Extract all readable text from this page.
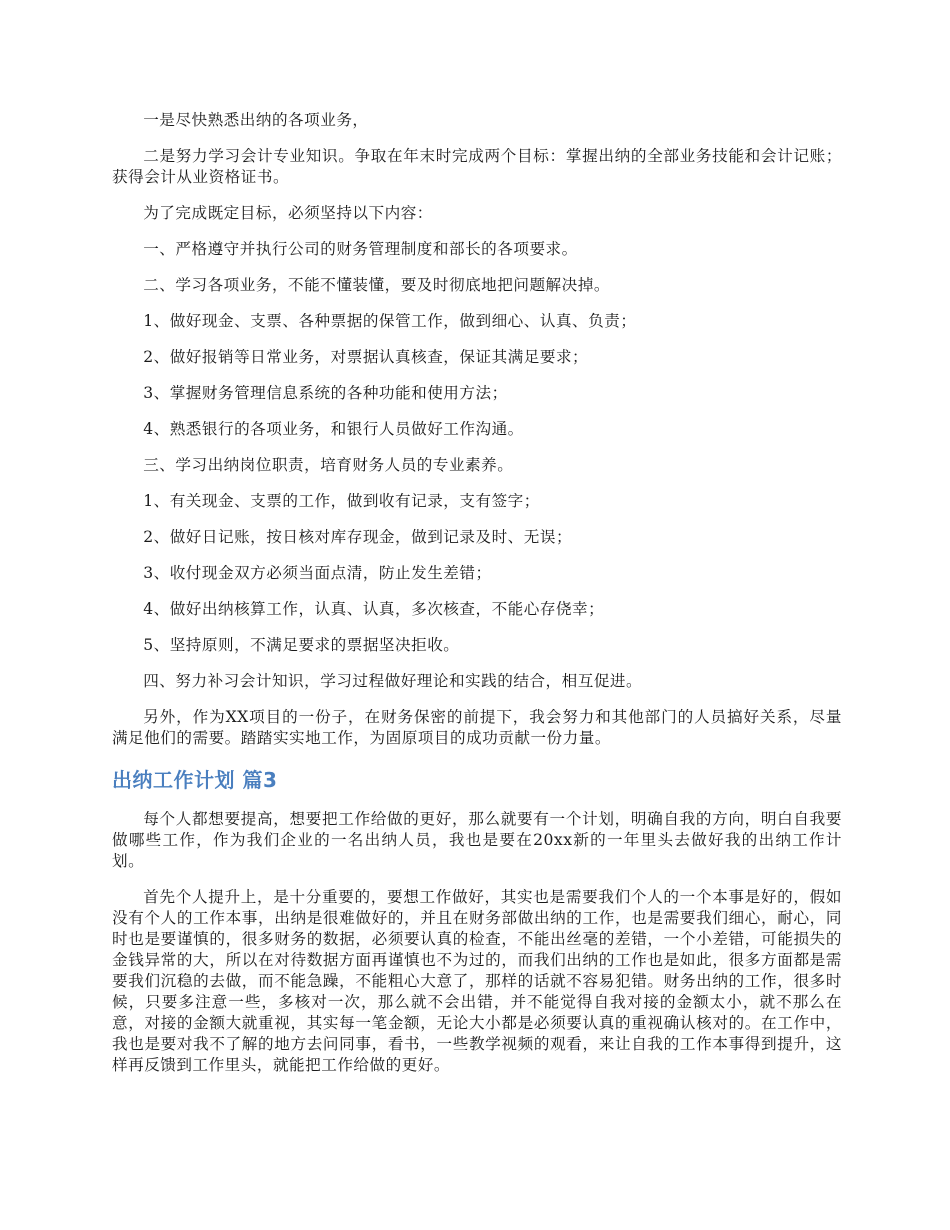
一是尽快熟悉出纳的各项业务，

二是努力学习会计专业知识。争取在年末时完成两个目标：掌握出纳的全部业务技能和会计记账；获得会计从业资格证书。

为了完成既定目标，必须坚持以下内容：

一、严格遵守并执行公司的财务管理制度和部长的各项要求。

二、学习各项业务，不能不懂装懂，要及时彻底地把问题解决掉。

1、做好现金、支票、各种票据的保管工作，做到细心、认真、负责；

2、做好报销等日常业务，对票据认真核查，保证其满足要求；

3、掌握财务管理信息系统的各种功能和使用方法；

4、熟悉银行的各项业务，和银行人员做好工作沟通。

三、学习出纳岗位职责，培育财务人员的专业素养。

1、有关现金、支票的工作，做到收有记录，支有签字；

2、做好日记账，按日核对库存现金，做到记录及时、无误；

3、收付现金双方必须当面点清，防止发生差错；

4、做好出纳核算工作，认真、认真，多次核查，不能心存侥幸；

5、坚持原则，不满足要求的票据坚决拒收。

四、努力补习会计知识，学习过程做好理论和实践的结合，相互促进。

另外，作为XX项目的一份子，在财务保密的前提下，我会努力和其他部门的人员搞好关系，尽量满足他们的需要。踏踏实实地工作，为固原项目的成功贡献一份力量。

出纳工作计划 篇3

每个人都想要提高，想要把工作给做的更好，那么就要有一个计划，明确自我的方向，明白自我要做哪些工作，作为我们企业的一名出纳人员，我也是要在20xx新的一年里头去做好我的出纳工作计划。

首先个人提升上，是十分重要的，要想工作做好，其实也是需要我们个人的一个本事是好的，假如没有个人的工作本事，出纳是很难做好的，并且在财务部做出纳的工作，也是需要我们细心，耐心，同时也是要谨慎的，很多财务的数据，必须要认真的检查，不能出丝毫的差错，一个小差错，可能损失的金钱异常的大，所以在对待数据方面再谨慎也不为过的，而我们出纳的工作也是如此，很多方面都是需要我们沉稳的去做，而不能急躁，不能粗心大意了，那样的话就不容易犯错。财务出纳的工作，很多时候，只要多注意一些，多核对一次，那么就不会出错，并不能觉得自我对接的金额太小，就不那么在意，对接的金额大就重视，其实每一笔金额，无论大小都是必须要认真的重视确认核对的。在工作中，我也是要对我不了解的地方去问同事，看书，一些教学视频的观看，来让自我的工作本事得到提升，这样再反馈到工作里头，就能把工作给做的更好。
